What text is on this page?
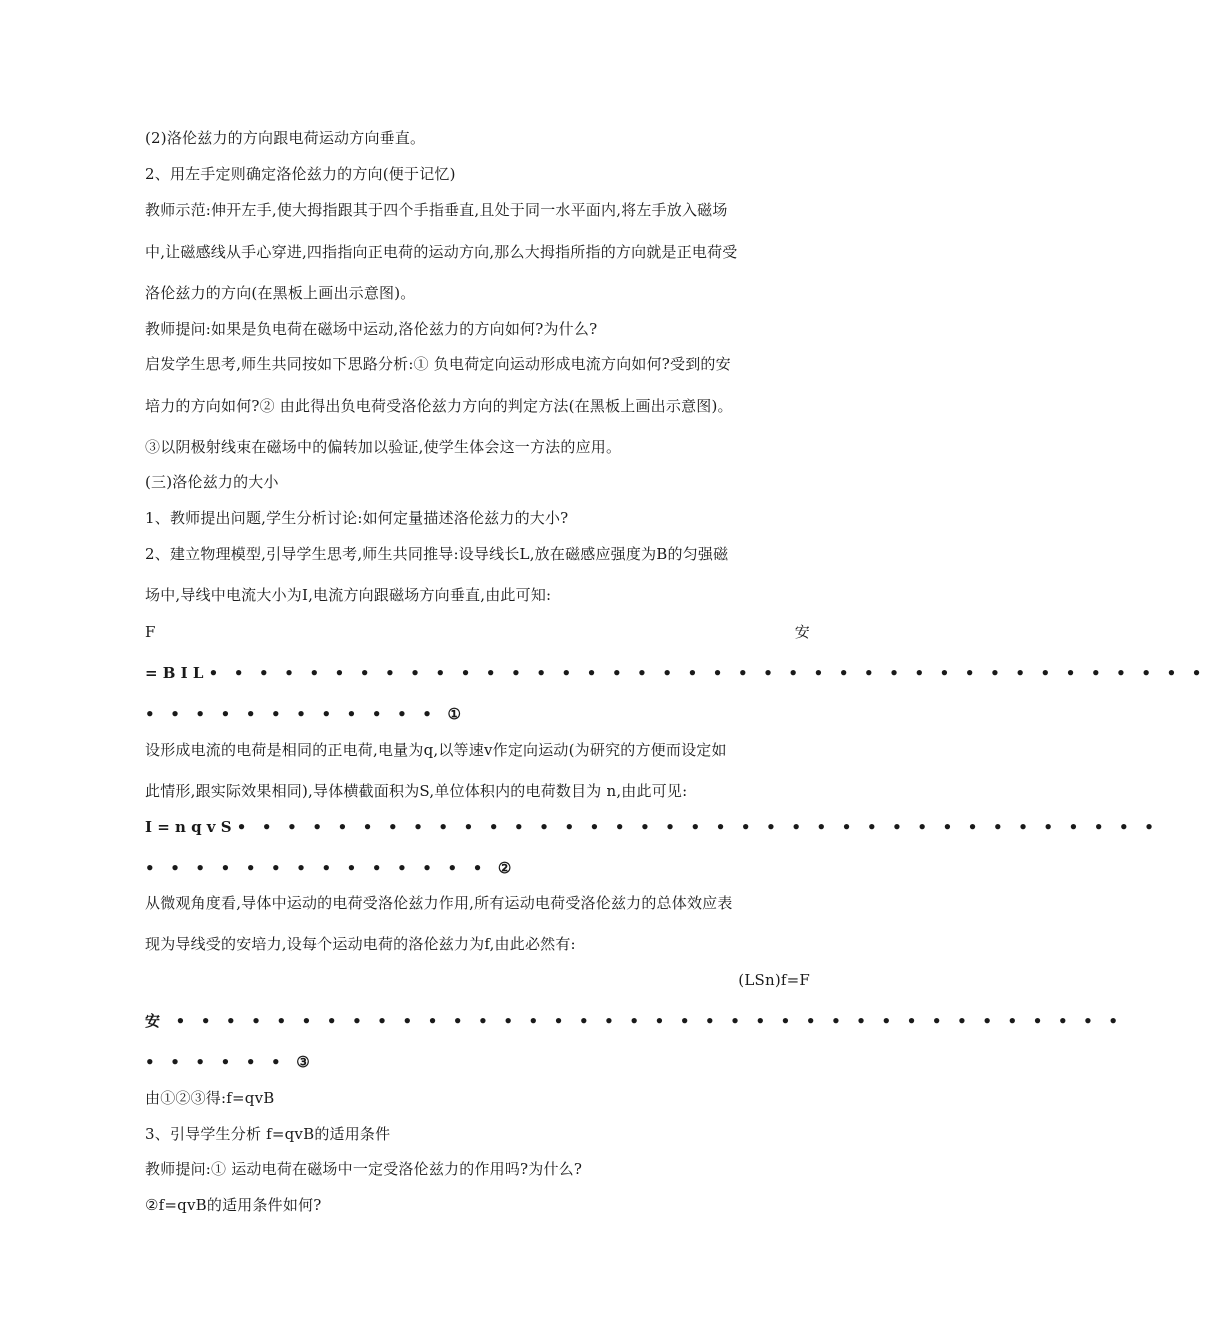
(2)洛伦兹力的方向跟电荷运动方向垂直。
2、用左手定则确定洛伦兹力的方向(便于记忆)
教师示范:伸开左手,使大拇指跟其于四个手指垂直,且处于同一水平面内,将左手放入磁场
中,让磁感线从手心穿进,四指指向正电荷的运动方向,那么大拇指所指的方向就是正电荷受
洛伦兹力的方向(在黑板上画出示意图)。
教师提问:如果是负电荷在磁场中运动,洛伦兹力的方向如何?为什么?
启发学生思考,师生共同按如下思路分析:① 负电荷定向运动形成电流方向如何?受到的安
培力的方向如何?② 由此得出负电荷受洛伦兹力方向的判定方法(在黑板上画出示意图)。
③以阴极射线束在磁场中的偏转加以验证,使学生体会这一方法的应用。
(三)洛伦兹力的大小
1、教师提出问题,学生分析讨论:如何定量描述洛伦兹力的大小?
2、建立物理模型,引导学生思考,师生共同推导:设导线长L,放在磁感应强度为B的匀强磁
场中,导线中电流大小为I,电流方向跟磁场方向垂直,由此可知:
F	安
=BIL• • • • • • • • • • • • • • • • • • • • • • • • • • • • • • • • • • • • • • • •
• • • • • • • • • • • • ①
设形成电流的电荷是相同的正电荷,电量为q,以等速v作定向运动(为研究的方便而设定如
此情形,跟实际效果相同),导体横截面积为S,单位体积内的电荷数目为 n,由此可见:
I=nqvS• • • • • • • • • • • • • • • • • • • • • • • • • • • • • • • • • • • • •
• • • • • • • • • • • • • • ②
从微观角度看,导体中运动的电荷受洛伦兹力作用,所有运动电荷受洛伦兹力的总体效应表
现为导线受的安培力,设每个运动电荷的洛伦兹力为f,由此必然有:
(LSn)f=F
安 • • • • • • • • • • • • • • • • • • • • • • • • • • • • • • • • • • • • • •
• • • • • • ③
由①②③得:f=qvB
3、引导学生分析 f=qvB的适用条件
教师提问:① 运动电荷在磁场中一定受洛伦兹力的作用吗?为什么?
②f=qvB的适用条件如何?
